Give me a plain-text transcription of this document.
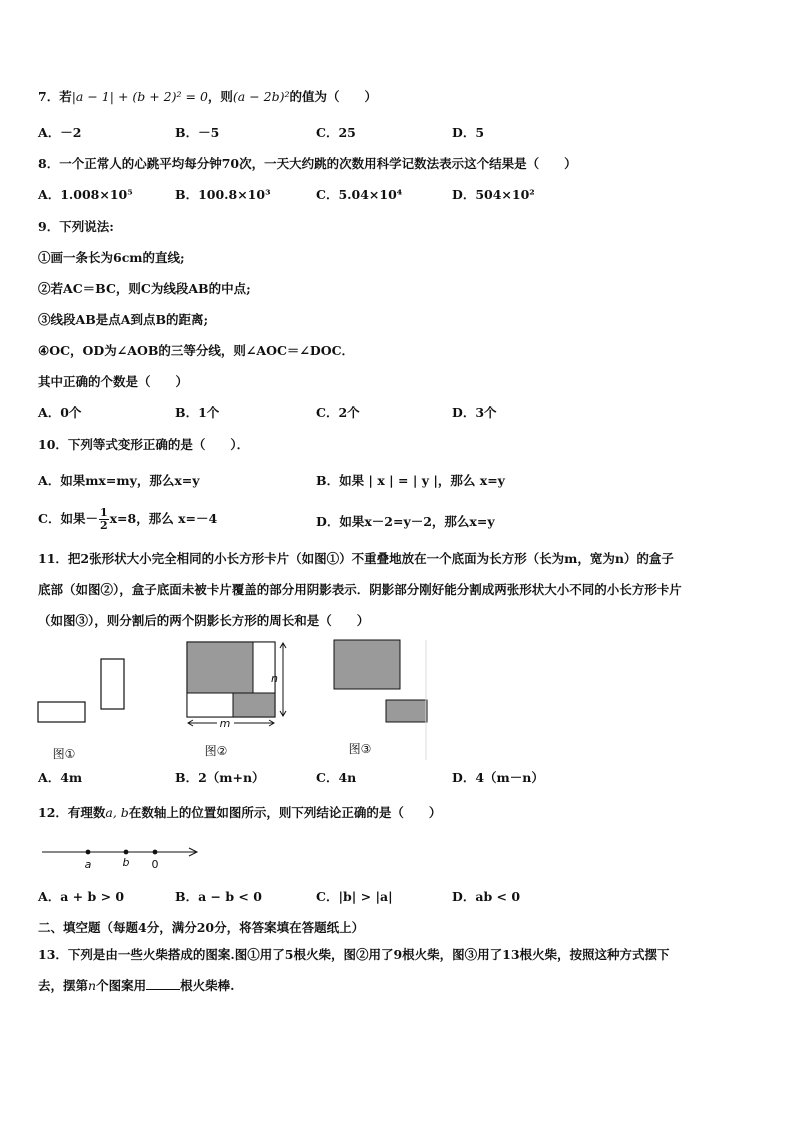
7．若|a − 1| + (b + 2)² = 0，则(a − 2b)²的值为（　　）
A．－2	B．－5	C．25	D．5
8．一个正常人的心跳平均每分钟70次，一天大约跳的次数用科学记数法表示这个结果是（　　）
A．1.008×10⁵	B．100.8×10³	C．5.04×10⁴	D．504×10²
9．下列说法:
①画一条长为6cm的直线;
②若AC＝BC，则C为线段AB的中点;
③线段AB是点A到点B的距离;
④OC，OD为∠AOB的三等分线，则∠AOC＝∠DOC．
其中正确的个数是（　　）
A．0个	B．1个	C．2个	D．3个
10．下列等式变形正确的是（　　）．
A．如果mx=my，那么x=y	B．如果 | x | = | y |，那么 x=y
C．如果－ $\frac{1}{2} x=8$，那么 x=－4	D．如果x－2=y－2，那么x=y
11．把2张形状大小完全相同的小长方形卡片（如图①）不重叠地放在一个底面为长方形（长为m，宽为n）的盒子
底部（如图②），盒子底面未被卡片覆盖的部分用阴影表示．阴影部分刚好能分割成两张形状大小不同的小长方形卡片
（如图③），则分割后的两个阴影长方形的周长和是（　　）
图①
n
m
图②	图③
A．4m	B．2（m+n）	C．4n	D．4（m－n）
12．有理数a, b在数轴上的位置如图所示，则下列结论正确的是（　　）
a	b 0
A．a + b > 0	B．a − b < 0	C．|b| > |a|	D．ab < 0
二、填空题（每题4分，满分20分，将答案填在答题纸上）
13．下列是由一些火柴搭成的图案.图①用了5根火柴，图②用了9根火柴，图③用了13根火柴，按照这种方式摆下
去，摆第n个图案用	根火柴棒.
